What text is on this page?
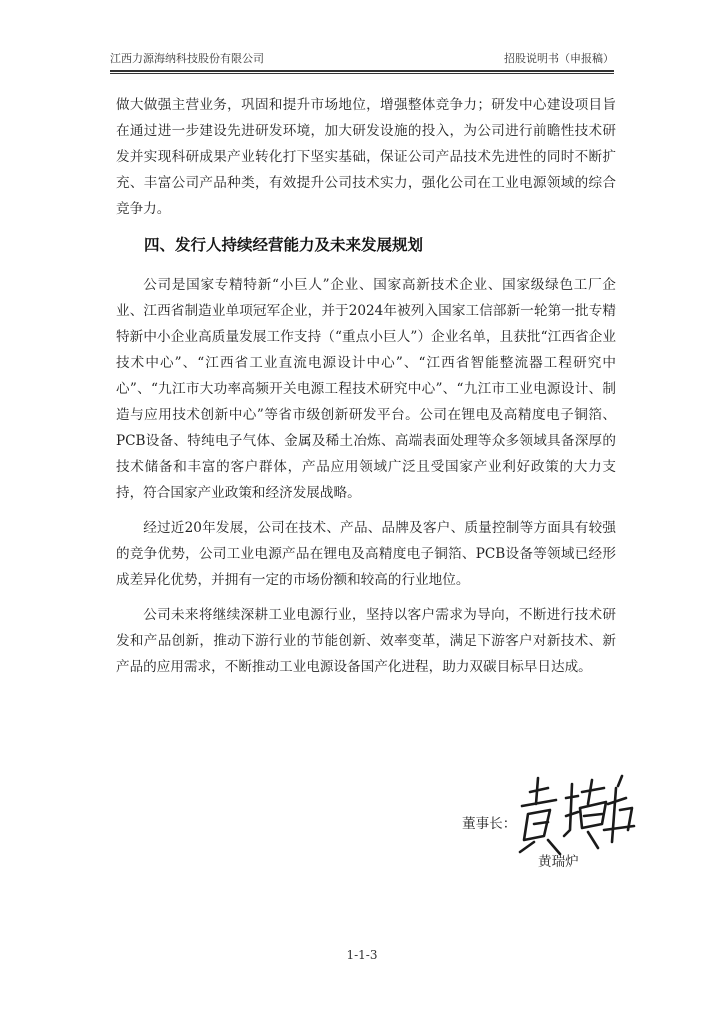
江西力源海纳科技股份有限公司	招股说明书（申报稿）

做大做强主营业务，巩固和提升市场地位，增强整体竞争力；研发中心建设项目旨在通过进一步建设先进研发环境，加大研发设施的投入，为公司进行前瞻性技术研发并实现科研成果产业转化打下坚实基础，保证公司产品技术先进性的同时不断扩充、丰富公司产品种类，有效提升公司技术实力，强化公司在工业电源领域的综合竞争力。

四、发行人持续经营能力及未来发展规划

公司是国家专精特新“小巨人”企业、国家高新技术企业、国家级绿色工厂企业、江西省制造业单项冠军企业，并于2024年被列入国家工信部新一轮第一批专精特新中小企业高质量发展工作支持（“重点小巨人”）企业名单，且获批“江西省企业技术中心”、“江西省工业直流电源设计中心”、“江西省智能整流器工程研究中心”、“九江市大功率高频开关电源工程技术研究中心”、“九江市工业电源设计、制造与应用技术创新中心”等省市级创新研发平台。公司在锂电及高精度电子铜箔、PCB设备、特纯电子气体、金属及稀土冶炼、高端表面处理等众多领域具备深厚的技术储备和丰富的客户群体，产品应用领域广泛且受国家产业利好政策的大力支持，符合国家产业政策和经济发展战略。

经过近20年发展，公司在技术、产品、品牌及客户、质量控制等方面具有较强的竞争优势，公司工业电源产品在锂电及高精度电子铜箔、PCB设备等领域已经形成差异化优势，并拥有一定的市场份额和较高的行业地位。

公司未来将继续深耕工业电源行业，坚持以客户需求为导向，不断进行技术研发和产品创新，推动下游行业的节能创新、效率变革，满足下游客户对新技术、新产品的应用需求，不断推动工业电源设备国产化进程，助力双碳目标早日达成。

董事长：
黄瑞炉
1-1-3
